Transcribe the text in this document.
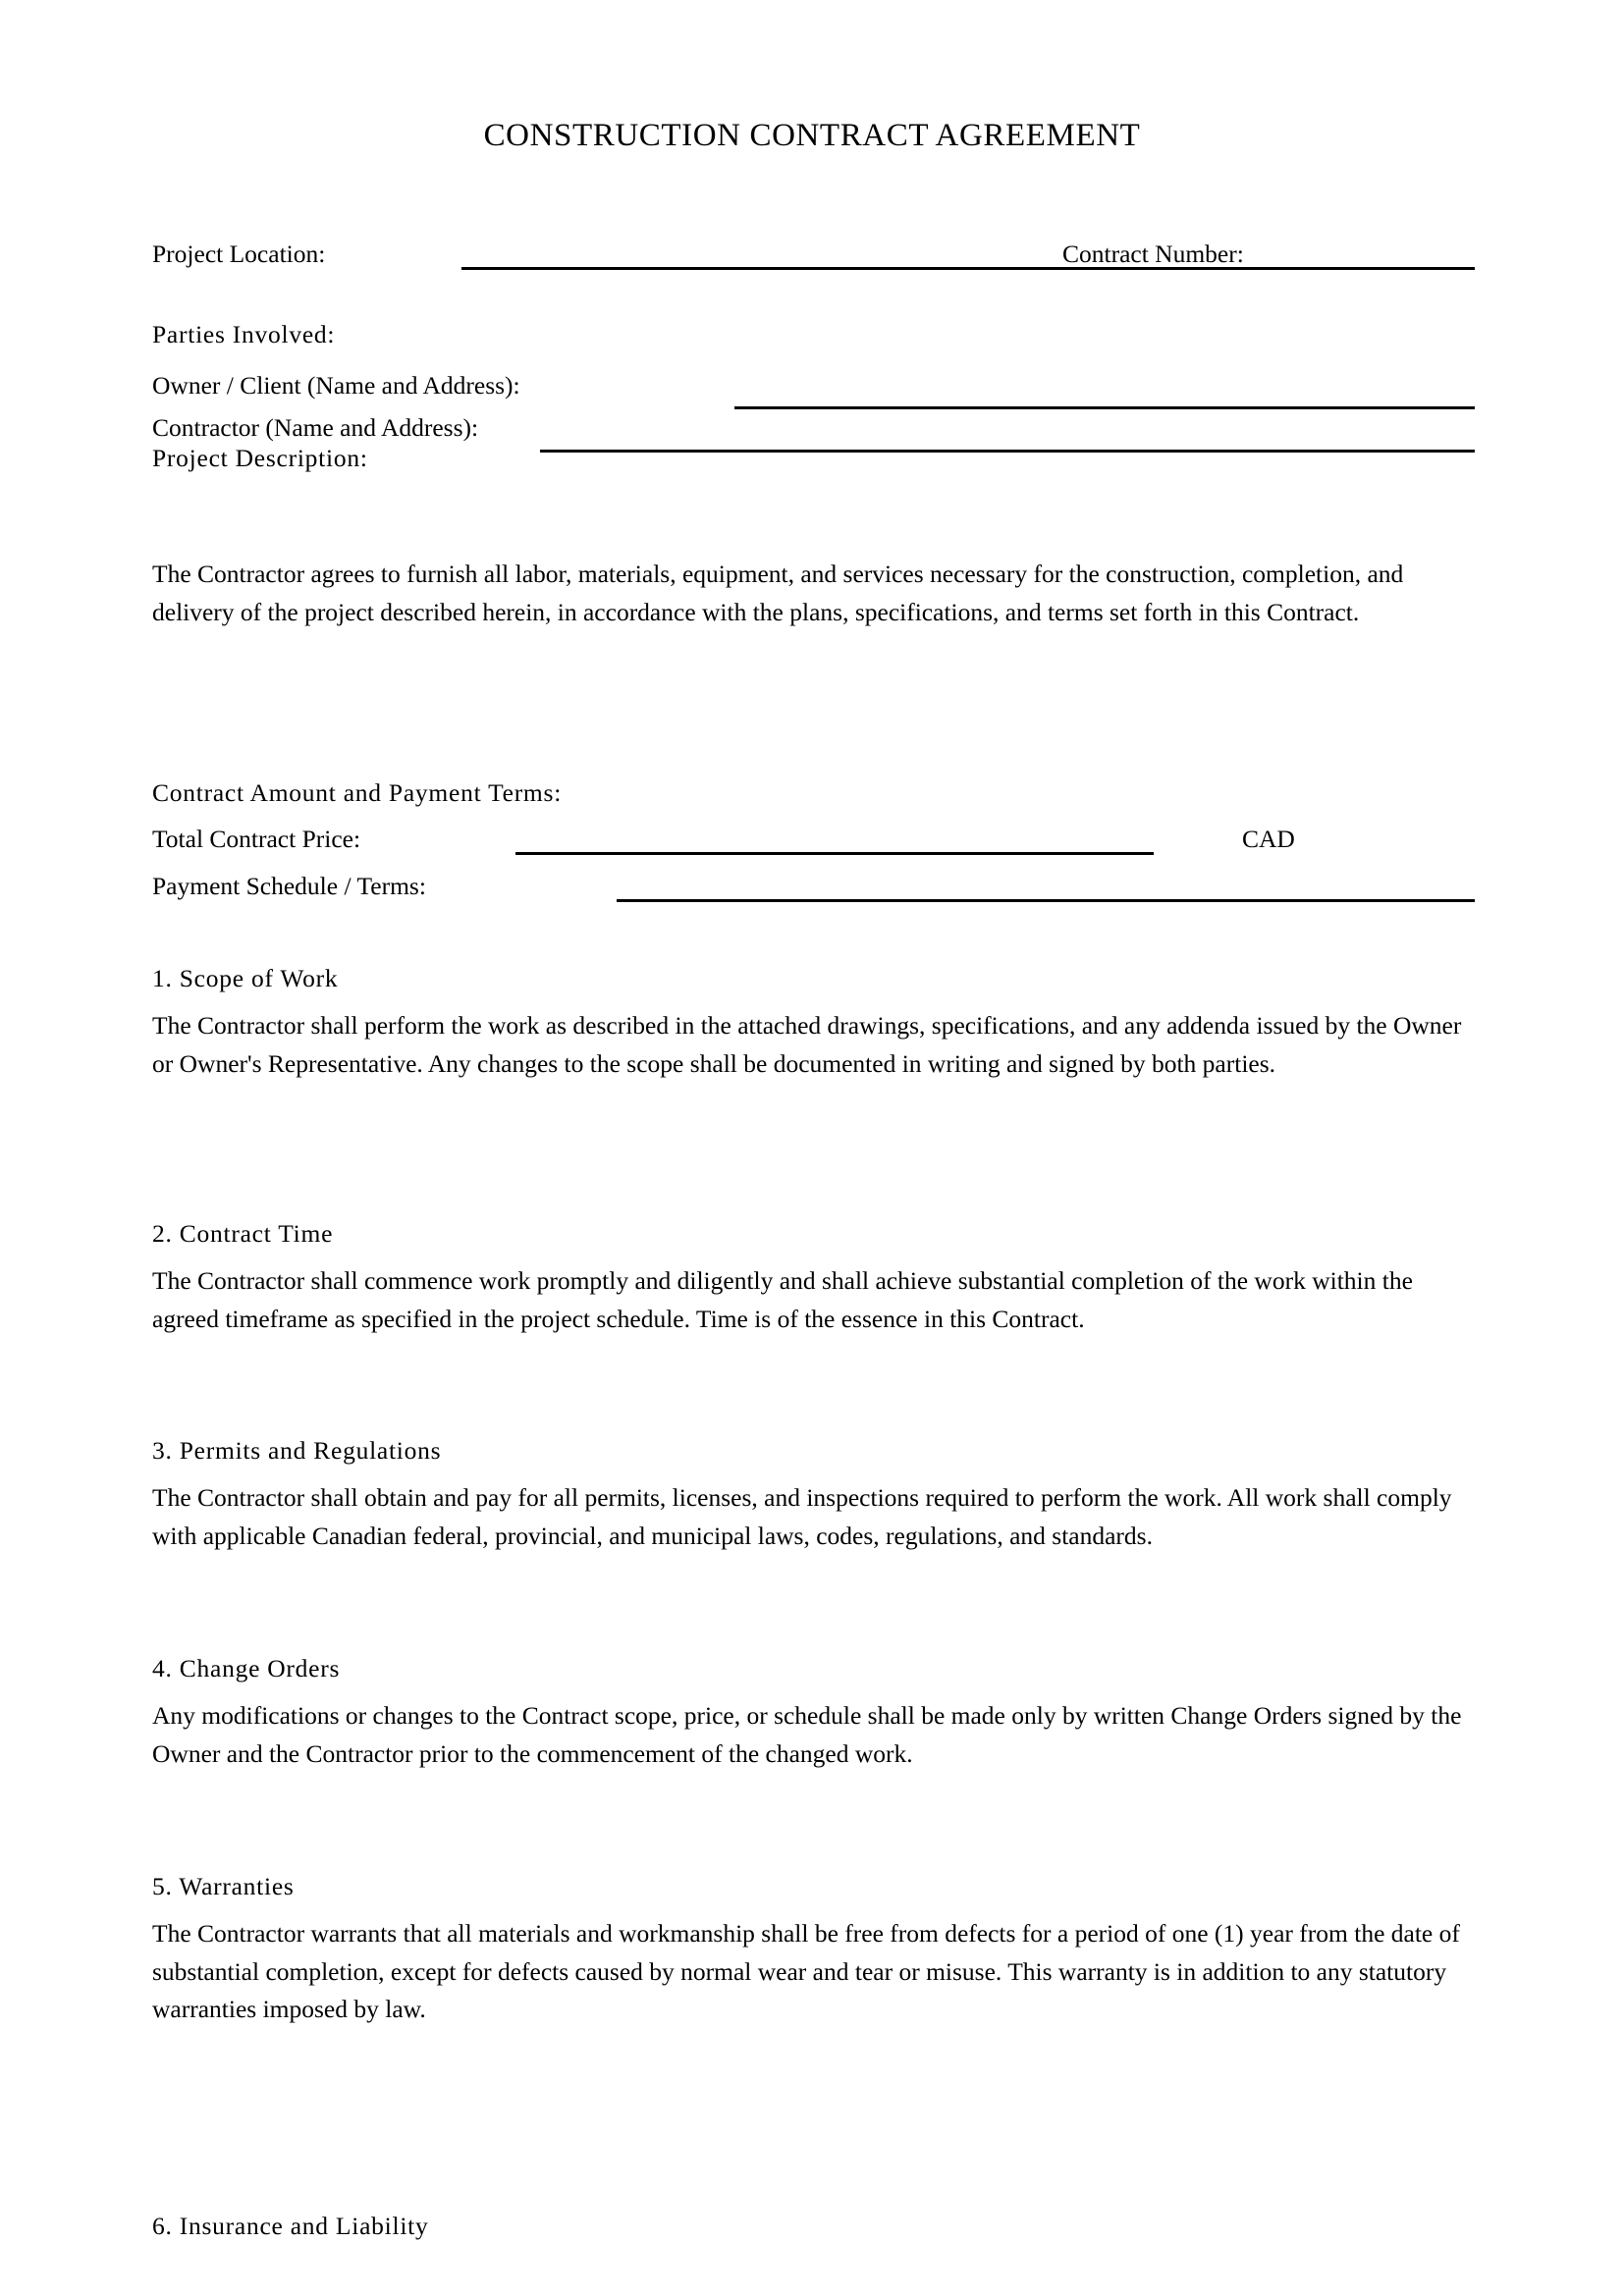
CONSTRUCTION CONTRACT AGREEMENT
Project Location:	Contract Number:
Parties Involved:
Owner / Client (Name and Address):
Contractor (Name and Address):
Project Description:
The Contractor agrees to furnish all labor, materials, equipment, and services necessary for the construction, completion, and delivery of the project described herein, in accordance with the plans, specifications, and terms set forth in this Contract.
Contract Amount and Payment Terms:
Total Contract Price:	CAD
Payment Schedule / Terms:
1. Scope of Work
The Contractor shall perform the work as described in the attached drawings, specifications, and any addenda issued by the Owner or Owner's Representative. Any changes to the scope shall be documented in writing and signed by both parties.
2. Contract Time
The Contractor shall commence work promptly and diligently and shall achieve substantial completion of the work within the agreed timeframe as specified in the project schedule. Time is of the essence in this Contract.
3. Permits and Regulations
The Contractor shall obtain and pay for all permits, licenses, and inspections required to perform the work. All work shall comply with applicable Canadian federal, provincial, and municipal laws, codes, regulations, and standards.
4. Change Orders
Any modifications or changes to the Contract scope, price, or schedule shall be made only by written Change Orders signed by the Owner and the Contractor prior to the commencement of the changed work.
5. Warranties
The Contractor warrants that all materials and workmanship shall be free from defects for a period of one (1) year from the date of substantial completion, except for defects caused by normal wear and tear or misuse. This warranty is in addition to any statutory warranties imposed by law.
6. Insurance and Liability
